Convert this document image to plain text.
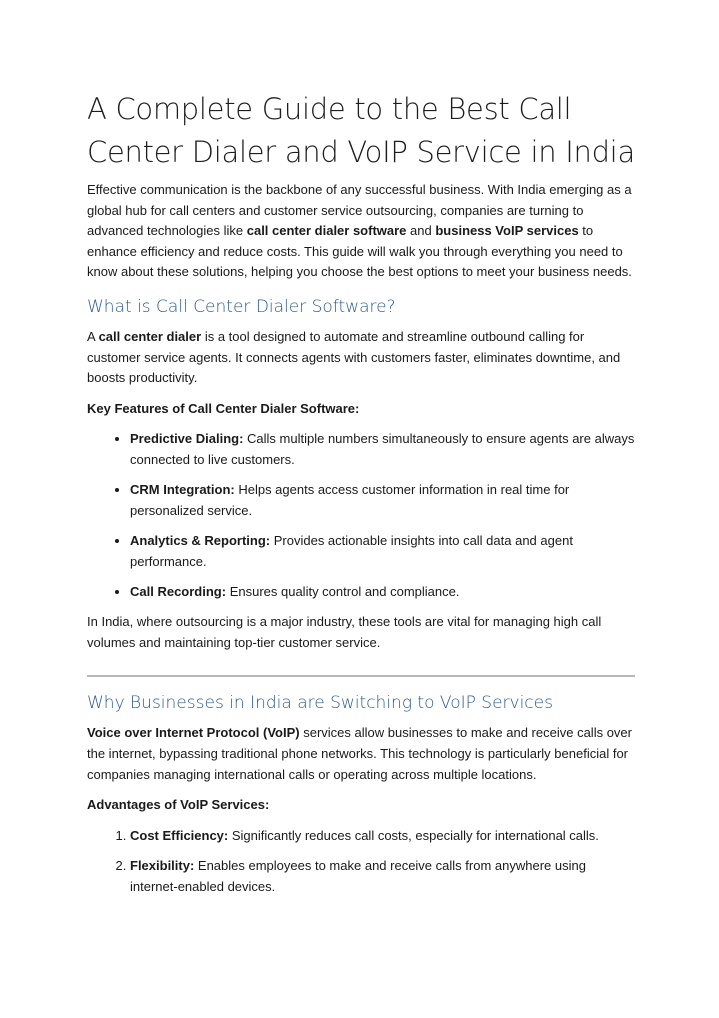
A Complete Guide to the Best Call Center Dialer and VoIP Service in India

Effective communication is the backbone of any successful business. With India emerging as a global hub for call centers and customer service outsourcing, companies are turning to advanced technologies like call center dialer software and business VoIP services to enhance efficiency and reduce costs. This guide will walk you through everything you need to know about these solutions, helping you choose the best options to meet your business needs.

What is Call Center Dialer Software?

A call center dialer is a tool designed to automate and streamline outbound calling for customer service agents. It connects agents with customers faster, eliminates downtime, and boosts productivity.

Key Features of Call Center Dialer Software:

• Predictive Dialing: Calls multiple numbers simultaneously to ensure agents are always connected to live customers.
• CRM Integration: Helps agents access customer information in real time for personalized service.
• Analytics & Reporting: Provides actionable insights into call data and agent performance.
• Call Recording: Ensures quality control and compliance.

In India, where outsourcing is a major industry, these tools are vital for managing high call volumes and maintaining top-tier customer service.

Why Businesses in India are Switching to VoIP Services

Voice over Internet Protocol (VoIP) services allow businesses to make and receive calls over the internet, bypassing traditional phone networks. This technology is particularly beneficial for companies managing international calls or operating across multiple locations.

Advantages of VoIP Services:

1. Cost Efficiency: Significantly reduces call costs, especially for international calls.
2. Flexibility: Enables employees to make and receive calls from anywhere using internet-enabled devices.
